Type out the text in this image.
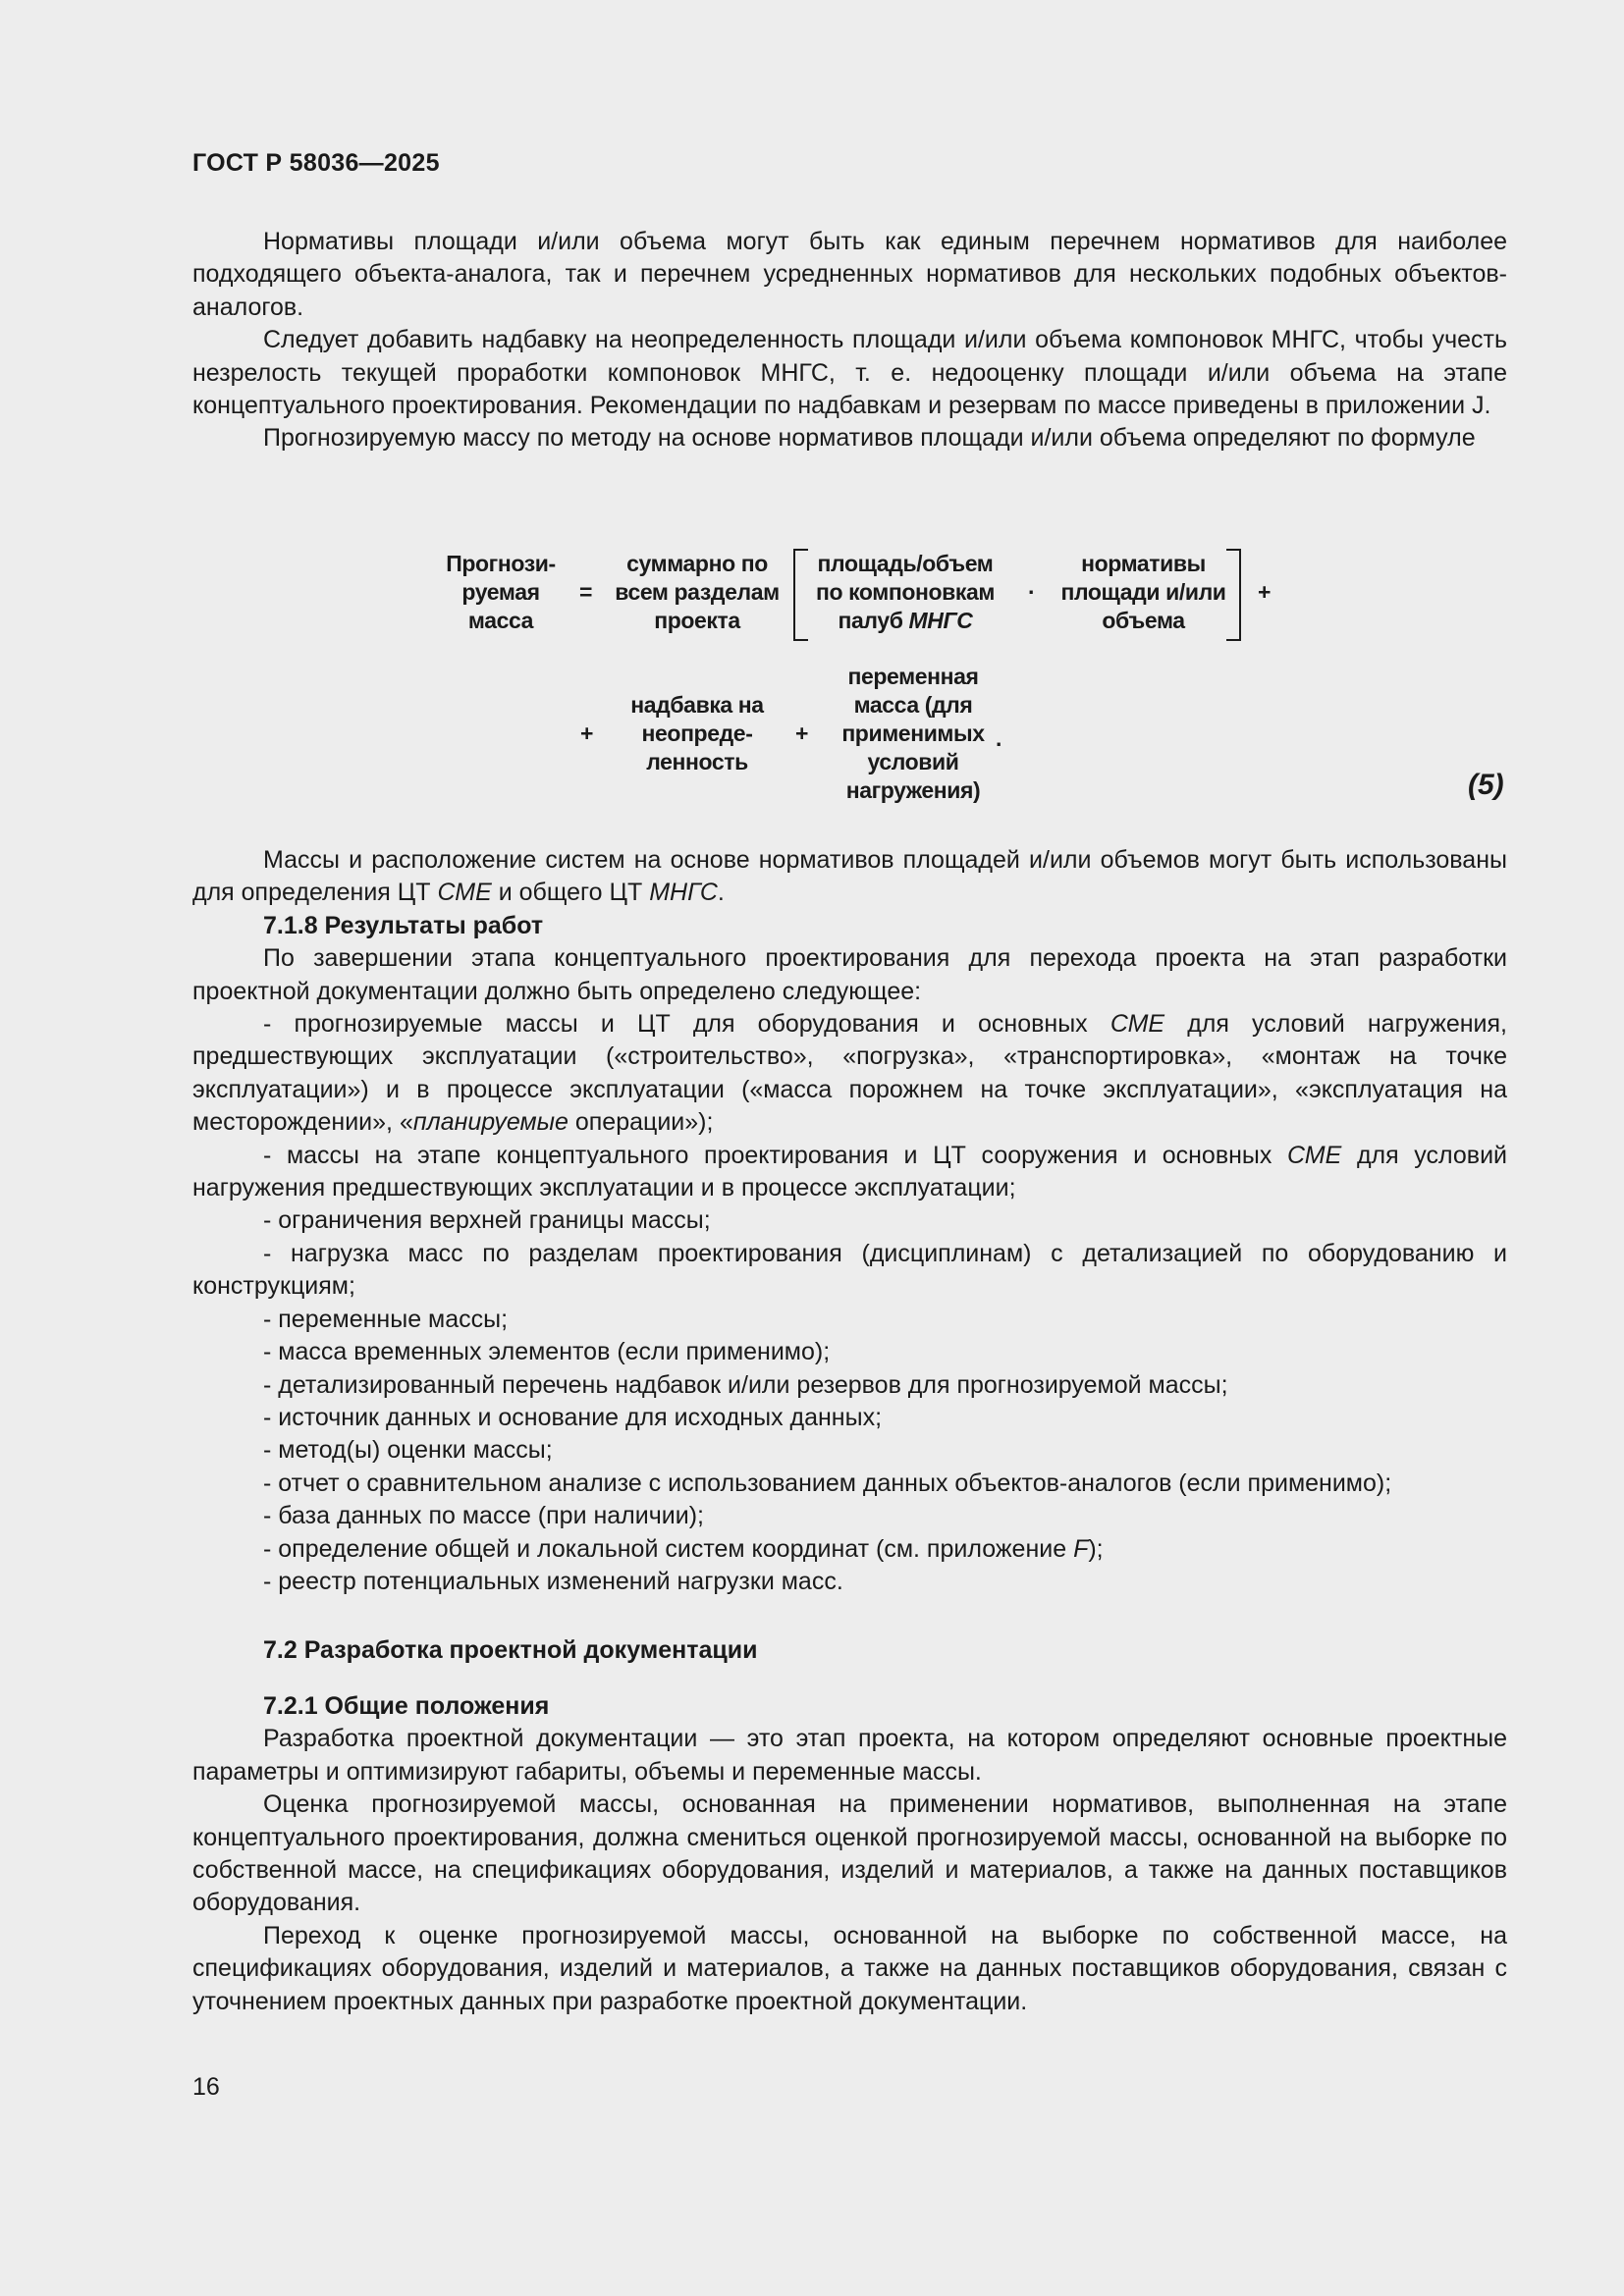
ГОСТ Р 58036—2025

Нормативы площади и/или объема могут быть как единым перечнем нормативов для наиболее подходящего объекта-аналога, так и перечнем усредненных нормативов для нескольких подобных объектов-аналогов.

Следует добавить надбавку на неопределенность площади и/или объема компоновок МНГС, чтобы учесть незрелость текущей проработки компоновок МНГС, т. е. недооценку площади и/или объема на этапе концептуального проектирования. Рекомендации по надбавкам и резервам по массе приведены в приложении J.

Прогнозируемую массу по методу на основе нормативов площади и/или объема определяют по формуле

Прогнози-
руемая
масса
=
суммарно по
всем разделам
проекта
площадь/объем
по компоновкам
палуб МНГС
·
нормативы
площади и/или
объема
+
+
надбавка на
неопреде-
ленность
+
переменная
масса (для
применимых
условий
нагружения)
.
(5)

Массы и расположение систем на основе нормативов площадей и/или объемов могут быть использованы для определения ЦТ СМЕ и общего ЦТ МНГС.

7.1.8 Результаты работ

По завершении этапа концептуального проектирования для перехода проекта на этап разработки проектной документации должно быть определено следующее:

- прогнозируемые массы и ЦТ для оборудования и основных СМЕ для условий нагружения, предшествующих эксплуатации («строительство», «погрузка», «транспортировка», «монтаж на точке эксплуатации») и в процессе эксплуатации («масса порожнем на точке эксплуатации», «эксплуатация на месторождении», «планируемые операции»);

- массы на этапе концептуального проектирования и ЦТ сооружения и основных СМЕ для условий нагружения предшествующих эксплуатации и в процессе эксплуатации;

- ограничения верхней границы массы;

- нагрузка масс по разделам проектирования (дисциплинам) с детализацией по оборудованию и конструкциям;

- переменные массы;

- масса временных элементов (если применимо);

- детализированный перечень надбавок и/или резервов для прогнозируемой массы;

- источник данных и основание для исходных данных;

- метод(ы) оценки массы;

- отчет о сравнительном анализе с использованием данных объектов-аналогов (если применимо);

- база данных по массе (при наличии);

- определение общей и локальной систем координат (см. приложение F);

- реестр потенциальных изменений нагрузки масс.

7.2 Разработка проектной документации

7.2.1 Общие положения

Разработка проектной документации — это этап проекта, на котором определяют основные проектные параметры и оптимизируют габариты, объемы и переменные массы.

Оценка прогнозируемой массы, основанная на применении нормативов, выполненная на этапе концептуального проектирования, должна смениться оценкой прогнозируемой массы, основанной на выборке по собственной массе, на спецификациях оборудования, изделий и материалов, а также на данных поставщиков оборудования.

Переход к оценке прогнозируемой массы, основанной на выборке по собственной массе, на спецификациях оборудования, изделий и материалов, а также на данных поставщиков оборудования, связан с уточнением проектных данных при разработке проектной документации.

16
